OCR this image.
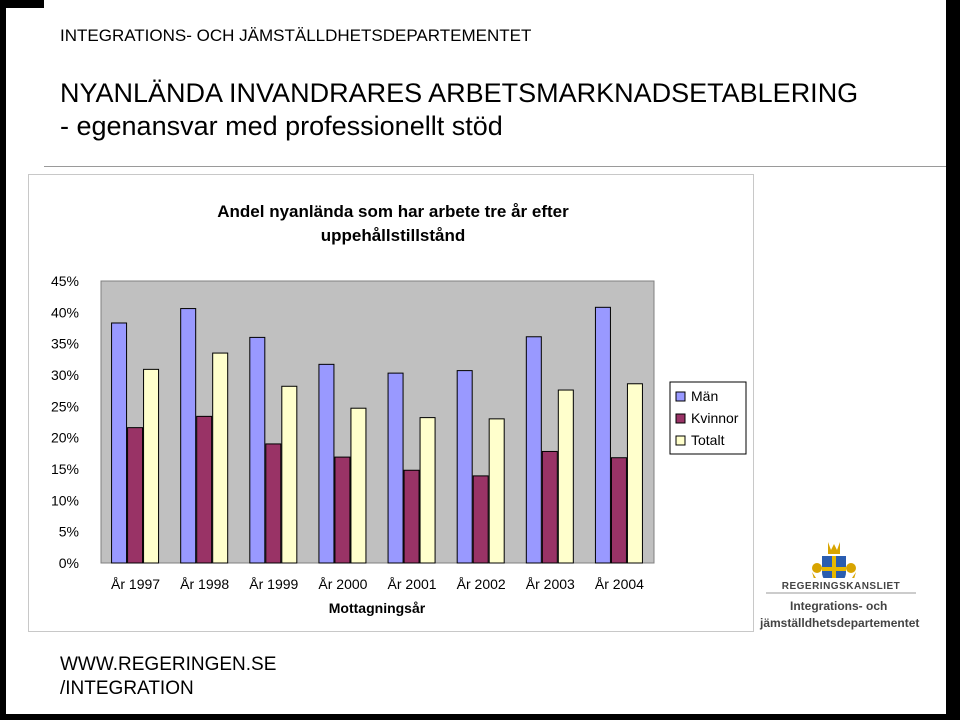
INTEGRATIONS- OCH JÄMSTÄLLDHETSDEPARTEMENTET
NYANLÄNDA INVANDRARES ARBETSMARKNADSETABLERING
- egenansvar med professionellt stöd
Andel nyanlända som har arbete tre år efter
uppehållstillstånd
0%
5%
10%
15%
20%
25%
30%
35%
40%
45%
År 1997 År 1998 År 1999 År 2000 År 2001 År 2002 År 2003 År 2004
Mottagningsår
Män
Kvinnor
Totalt
REGERINGSKANSLIET
Integrations- och
jämställdhetsdepartementet
WWW.REGERINGEN.SE
/INTEGRATION
